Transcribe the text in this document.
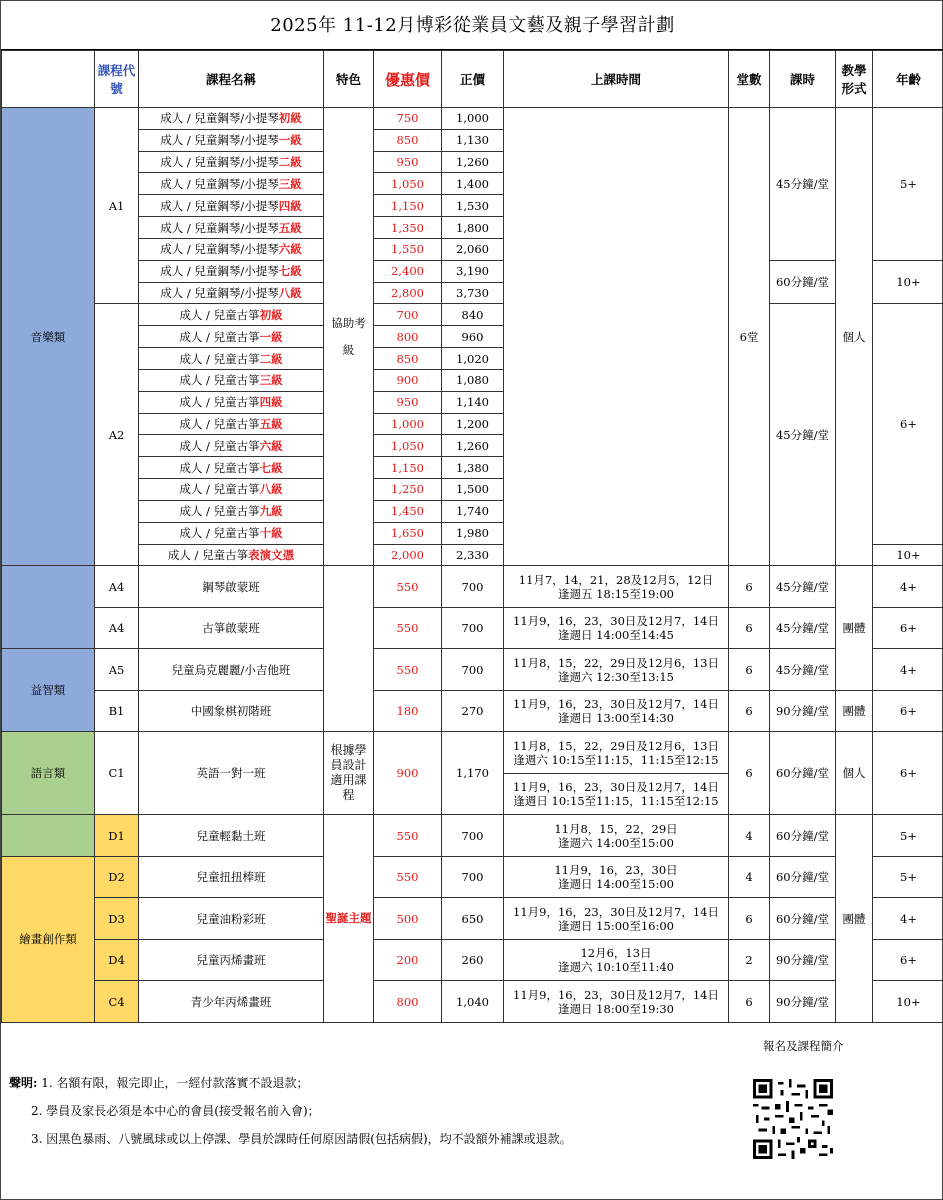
2025年 11-12月博彩從業員文藝及親子學習計劃
	課程代號	課程名稱	特色	優惠價	正價	上課時間	堂數	課時	教學形式	年齡
音樂類	A1	成人 / 兒童鋼琴/小提琴初級	協助考級	750	1,000		6堂	45分鐘/堂	個人	5+
		成人 / 兒童鋼琴/小提琴一級		850	1,130					
		成人 / 兒童鋼琴/小提琴二級		950	1,260					
		成人 / 兒童鋼琴/小提琴三級		1,050	1,400					
		成人 / 兒童鋼琴/小提琴四級		1,150	1,530					
		成人 / 兒童鋼琴/小提琴五級		1,350	1,800					
		成人 / 兒童鋼琴/小提琴六級		1,550	2,060					
		成人 / 兒童鋼琴/小提琴七級		2,400	3,190			60分鐘/堂		10+
		成人 / 兒童鋼琴/小提琴八級		2,800	3,730					
	A2	成人 / 兒童古箏初級		700	840			45分鐘/堂		6+
		成人 / 兒童古箏一級		800	960					
		成人 / 兒童古箏二級		850	1,020					
		成人 / 兒童古箏三級		900	1,080					
		成人 / 兒童古箏四級		950	1,140					
		成人 / 兒童古箏五級		1,000	1,200					
		成人 / 兒童古箏六級		1,050	1,260					
		成人 / 兒童古箏七級		1,150	1,380					
		成人 / 兒童古箏八級		1,250	1,500					
		成人 / 兒童古箏九級		1,450	1,740					
		成人 / 兒童古箏十級		1,650	1,980					
		成人 / 兒童古箏表演文憑		2,000	2,330					10+
	A4	鋼琴啟蒙班		550	700	11月7，14，21，28及12月5，12日
逢週五 18:15至19:00	6	45分鐘/堂	團體	4+
	A4	古箏啟蒙班		550	700	11月9，16，23，30日及12月7，14日
逢週日 14:00至14:45	6	45分鐘/堂		6+
益智類	A5	兒童烏克麗麗/小吉他班		550	700	11月8，15，22，29日及12月6，13日
逢週六 12:30至13:15	6	45分鐘/堂		4+
	B1	中國象棋初階班		180	270	11月9，16，23，30日及12月7，14日
逢週日 13:00至14:30	6	90分鐘/堂	團體	6+
語言類	C1	英語一對一班	根據學員設計適用課程	900	1,170	11月8，15，22，29日及12月6，13日
逢週六 10:15至11:15，11:15至12:15	6	60分鐘/堂	個人	6+

						11月9，16，23，30日及12月7，14日
逢週日 10:15至11:15，11:15至12:15				

	D1	兒童輕黏土班	聖誕主題	550	700	11月8，15，22，29日
逢週六 14:00至15:00	4	60分鐘/堂	團體	5+
繪畫創作類	D2	兒童扭扭棒班		550	700	11月9，16，23，30日
逢週日 14:00至15:00	4	60分鐘/堂		5+
	D3	兒童油粉彩班		500	650	11月9，16，23，30日及12月7，14日
逢週日 15:00至16:00	6	60分鐘/堂		4+
	D4	兒童丙烯畫班		200	260	12月6，13日
逢週六 10:10至11:40	2	90分鐘/堂		6+
	C4	青少年丙烯畫班		800	1,040	11月9，16，23，30日及12月7，14日
逢週日 18:00至19:30	6	90分鐘/堂		10+
報名及課程簡介
聲明: 1. 名額有限，報完即止，一經付款落實不設退款；
2. 學員及家長必須是本中心的會員(接受報名前入會)；
3. 因黑色暴雨、八號風球或以上停課、學員於課時任何原因請假(包括病假)，均不設額外補課或退款。
